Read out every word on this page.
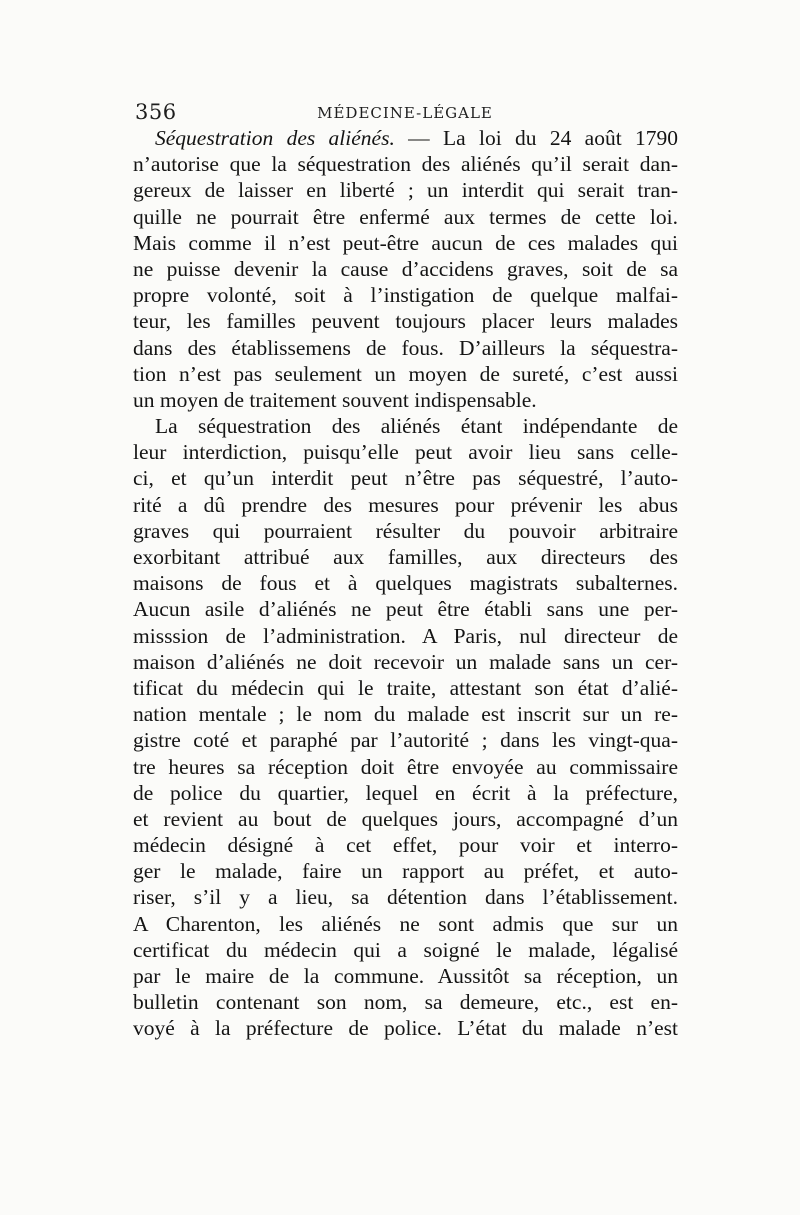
356	MÉDECINE-LÉGALE
Séquestration des aliénés. — La loi du 24 août 1790
n’autorise que la séquestration des aliénés qu’il serait dan-
gereux de laisser en liberté ; un interdit qui serait tran-
quille ne pourrait être enfermé aux termes de cette loi.
Mais comme il n’est peut-être aucun de ces malades qui
ne puisse devenir la cause d’accidens graves, soit de sa
propre volonté, soit à l’instigation de quelque malfai-
teur, les familles peuvent toujours placer leurs malades
dans des établissemens de fous. D’ailleurs la séquestra-
tion n’est pas seulement un moyen de sureté, c’est aussi
un moyen de traitement souvent indispensable.
La séquestration des aliénés étant indépendante de
leur interdiction, puisqu’elle peut avoir lieu sans celle-
ci, et qu’un interdit peut n’être pas séquestré, l’auto-
rité a dû prendre des mesures pour prévenir les abus
graves qui pourraient résulter du pouvoir arbitraire
exorbitant attribué aux familles, aux directeurs des
maisons de fous et à quelques magistrats subalternes.
Aucun asile d’aliénés ne peut être établi sans une per-
misssion de l’administration. A Paris, nul directeur de
maison d’aliénés ne doit recevoir un malade sans un cer-
tificat du médecin qui le traite, attestant son état d’alié-
nation mentale ; le nom du malade est inscrit sur un re-
gistre coté et paraphé par l’autorité ; dans les vingt-qua-
tre heures sa réception doit être envoyée au commissaire
de police du quartier, lequel en écrit à la préfecture,
et revient au bout de quelques jours, accompagné d’un
médecin désigné à cet effet, pour voir et interro-
ger le malade, faire un rapport au préfet, et auto-
riser, s’il y a lieu, sa détention dans l’établissement.
A Charenton, les aliénés ne sont admis que sur un
certificat du médecin qui a soigné le malade, légalisé
par le maire de la commune. Aussitôt sa réception, un
bulletin contenant son nom, sa demeure, etc., est en-
voyé à la préfecture de police. L’état du malade n’est
